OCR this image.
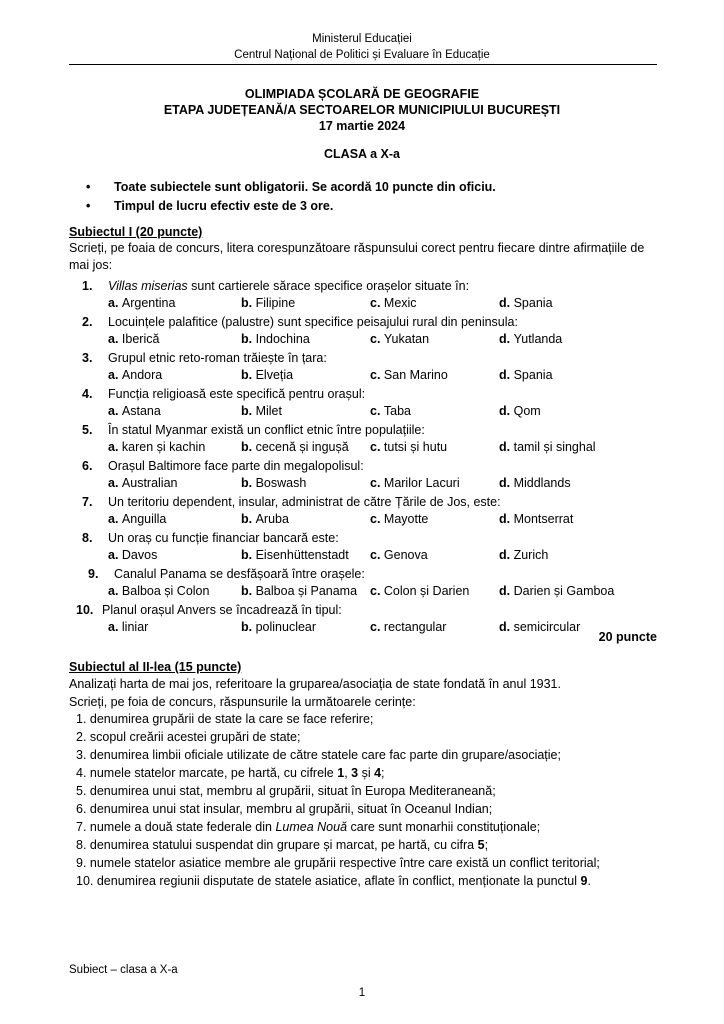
Ministerul Educației
Centrul Național de Politici și Evaluare în Educație
OLIMPIADA ȘCOLARĂ DE GEOGRAFIE
ETAPA JUDEȚEANĂ/A SECTOARELOR MUNICIPIULUI BUCUREȘTI
17 martie 2024
CLASA a X-a
• Toate subiectele sunt obligatorii. Se acordă 10 puncte din oficiu.
• Timpul de lucru efectiv este de 3 ore.
Subiectul I (20 puncte)
Scrieți, pe foaia de concurs, litera corespunzătoare răspunsului corect pentru fiecare dintre afirmațiile de mai jos:
1. Villas miserias sunt cartierele sărace specifice orașelor situate în:
a. Argentina	b. Filipine	c. Mexic	d. Spania
2. Locuințele palafitice (palustre) sunt specifice peisajului rural din peninsula:
a. Iberică	b. Indochina	c. Yukatan	d. Yutlanda
3. Grupul etnic reto-roman trăiește în țara:
a. Andora	b. Elveția	c. San Marino	d. Spania
4. Funcția religioasă este specifică pentru orașul:
a. Astana	b. Milet	c. Taba	d. Qom
5. În statul Myanmar există un conflict etnic între populațiile:
a. karen și kachin	b. cecenă și ingușă c. tutsi și hutu	d. tamil și singhal
6. Orașul Baltimore face parte din megalopolisul:
a. Australian	b. Boswash	c. Marilor Lacuri	d. Middlands
7. Un teritoriu dependent, insular, administrat de către Țările de Jos, este:
a. Anguilla	b. Aruba	c. Mayotte	d. Montserrat
8. Un oraș cu funcție financiar bancară este:
a. Davos	b. Eisenhüttenstadt c. Genova	d. Zurich
9. Canalul Panama se desfășoară între orașele:
a. Balboa și Colon	b. Balboa și Panama c. Colon și Darien d. Darien și Gamboa
10. Planul orașul Anvers se încadrează în tipul:
a. liniar	b. polinuclear	c. rectangular	d. semicircular
20 puncte
Subiectul al II-lea (15 puncte)
Analizați harta de mai jos, referitoare la gruparea/asociația de state fondată în anul 1931.
Scrieți, pe foia de concurs, răspunsurile la următoarele cerințe:
1. denumirea grupării de state la care se face referire;
2. scopul creării acestei grupări de state;
3. denumirea limbii oficiale utilizate de către statele care fac parte din grupare/asociație;
4. numele statelor marcate, pe hartă, cu cifrele 1, 3 și 4;
5. denumirea unui stat, membru al grupării, situat în Europa Mediteraneană;
6. denumirea unui stat insular, membru al grupării, situat în Oceanul Indian;
7. numele a două state federale din Lumea Nouă care sunt monarhii constituționale;
8. denumirea statului suspendat din grupare și marcat, pe hartă, cu cifra 5;
9. numele statelor asiatice membre ale grupării respective între care există un conflict teritorial;
10. denumirea regiunii disputate de statele asiatice, aflate în conflict, menționate la punctul 9.
Subiect – clasa a X-a
1
